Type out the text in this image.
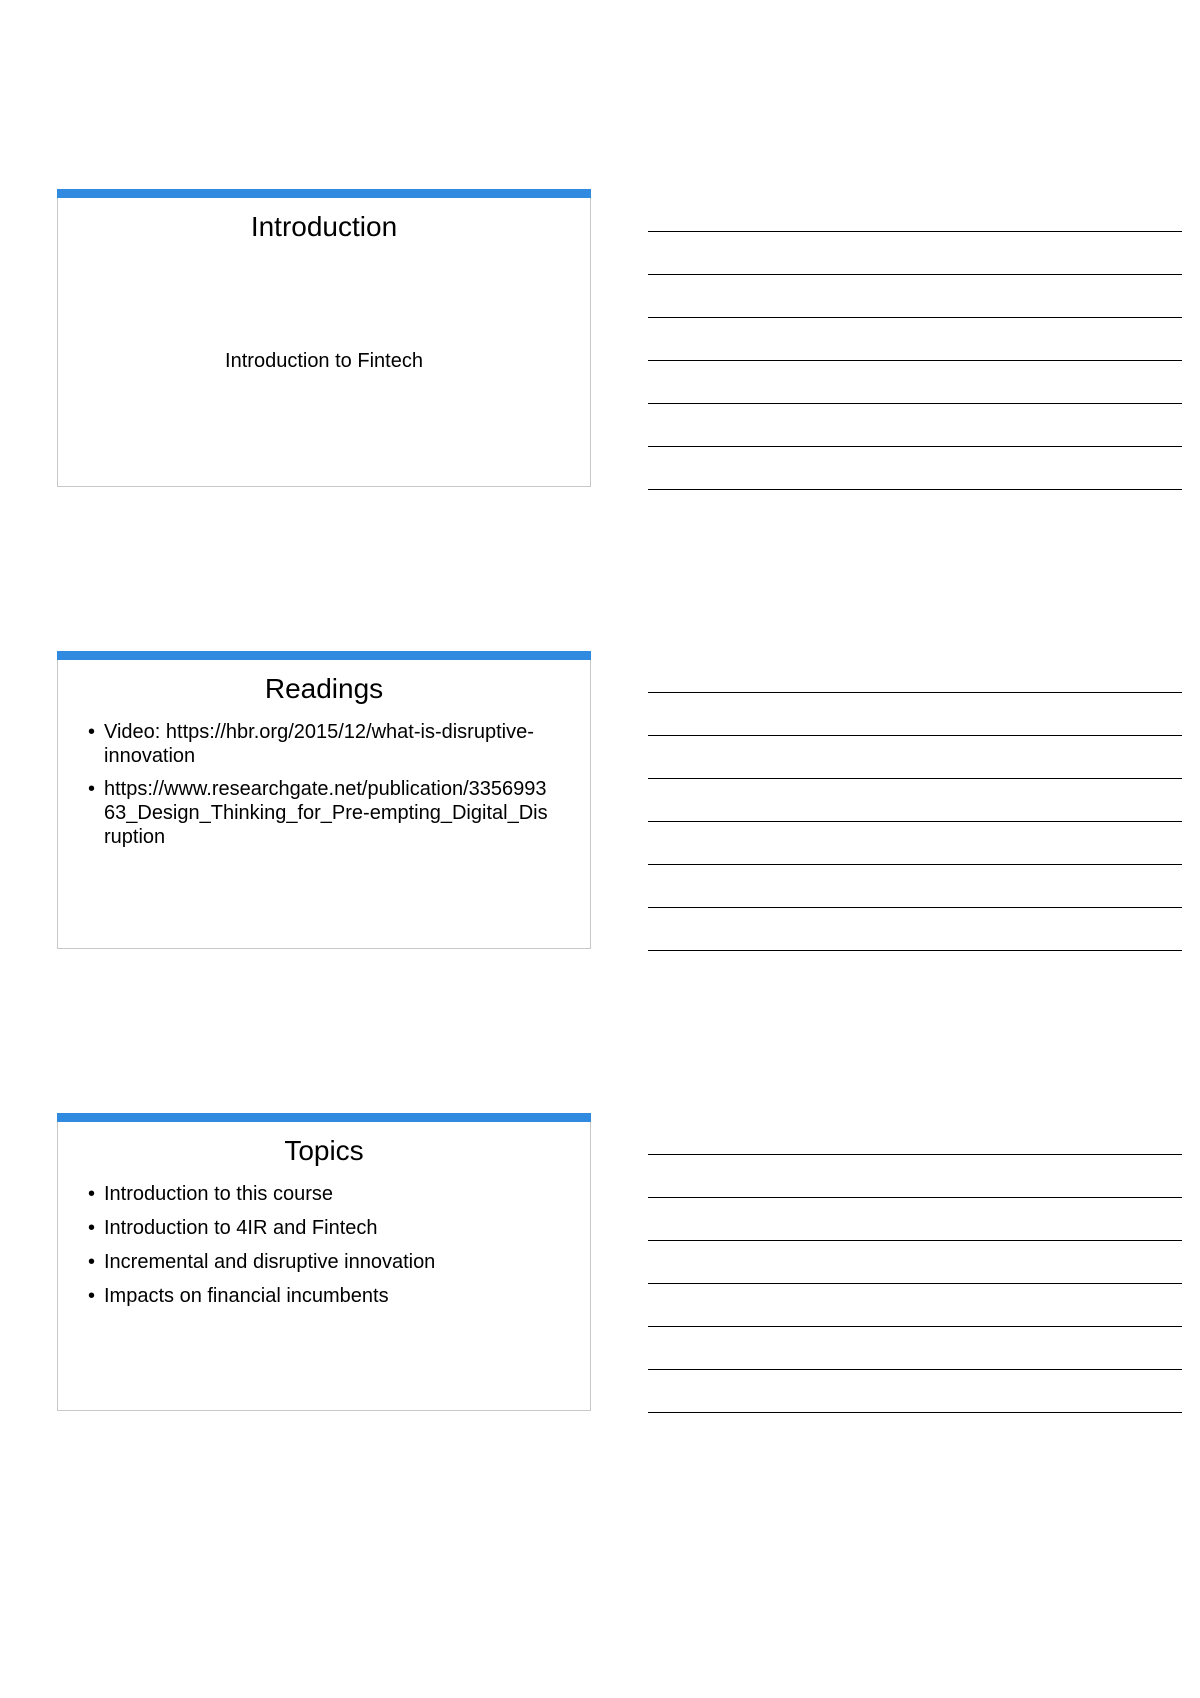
Introduction
Introduction to Fintech
Readings
• Video: https://hbr.org/2015/12/what-is-disruptive-innovation
• https://www.researchgate.net/publication/335699363_Design_Thinking_for_Pre-empting_Digital_Disruption
Topics
• Introduction to this course
• Introduction to 4IR and Fintech
• Incremental and disruptive innovation
• Impacts on financial incumbents
